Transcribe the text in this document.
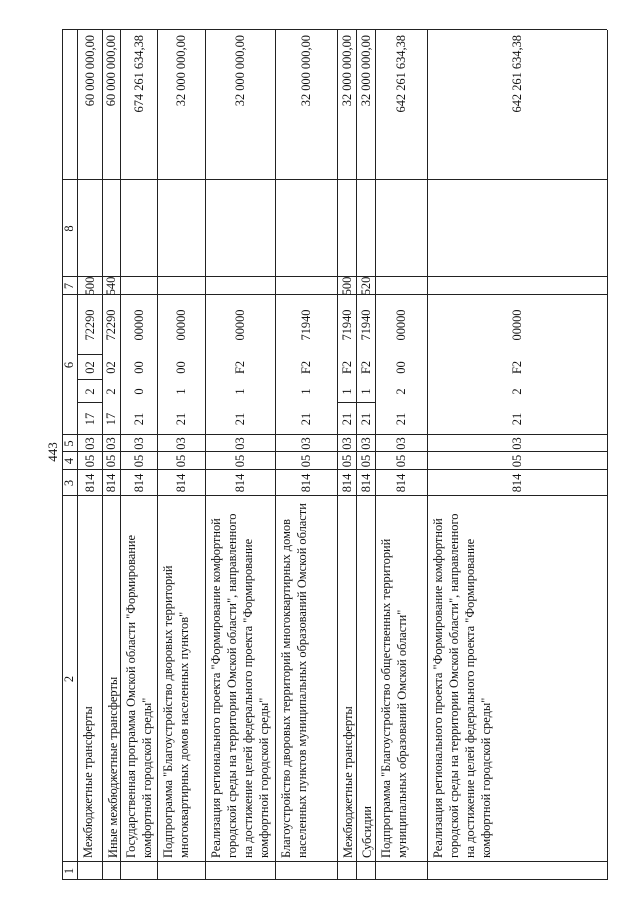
443
1
2
3
4
5
6
7
8
Межбюджетные трансферты
814
05
03
17
2
02
72290
500
60 000 000,00
Иные межбюджетные трансферты
814
05
03
17
2
02
72290
540
60 000 000,00
Государственная программа Омской области "Формирование комфортной городской среды"
814
05
03
21
0
00
00000
674 261 634,38
Подпрограмма "Благоустройство дворовых территорий многоквартирных домов населенных пунктов"
814
05
03
21
1
00
00000
32 000 000,00
Реализация регионального проекта "Формирование комфортной городской среды на территории Омской области", направленного на достижение целей федерального проекта "Формирование комфортной городской среды"
814
05
03
21
1
F2
00000
32 000 000,00
Благоустройство дворовых территорий многоквартирных домов населенных пунктов муниципальных образований Омской области
814
05
03
21
1
F2
71940
32 000 000,00
Межбюджетные трансферты
814
05
03
21
1
F2
71940
500
32 000 000,00
Субсидии
814
05
03
21
1
F2
71940
520
32 000 000,00
Подпрограмма "Благоустройство общественных территорий муниципальных образований Омской области"
814
05
03
21
2
00
00000
642 261 634,38
Реализация регионального проекта "Формирование комфортной городской среды на территории Омской области", направленного на достижение целей федерального проекта "Формирование комфортной городской среды"
814
05
03
21
2
F2
00000
642 261 634,38
